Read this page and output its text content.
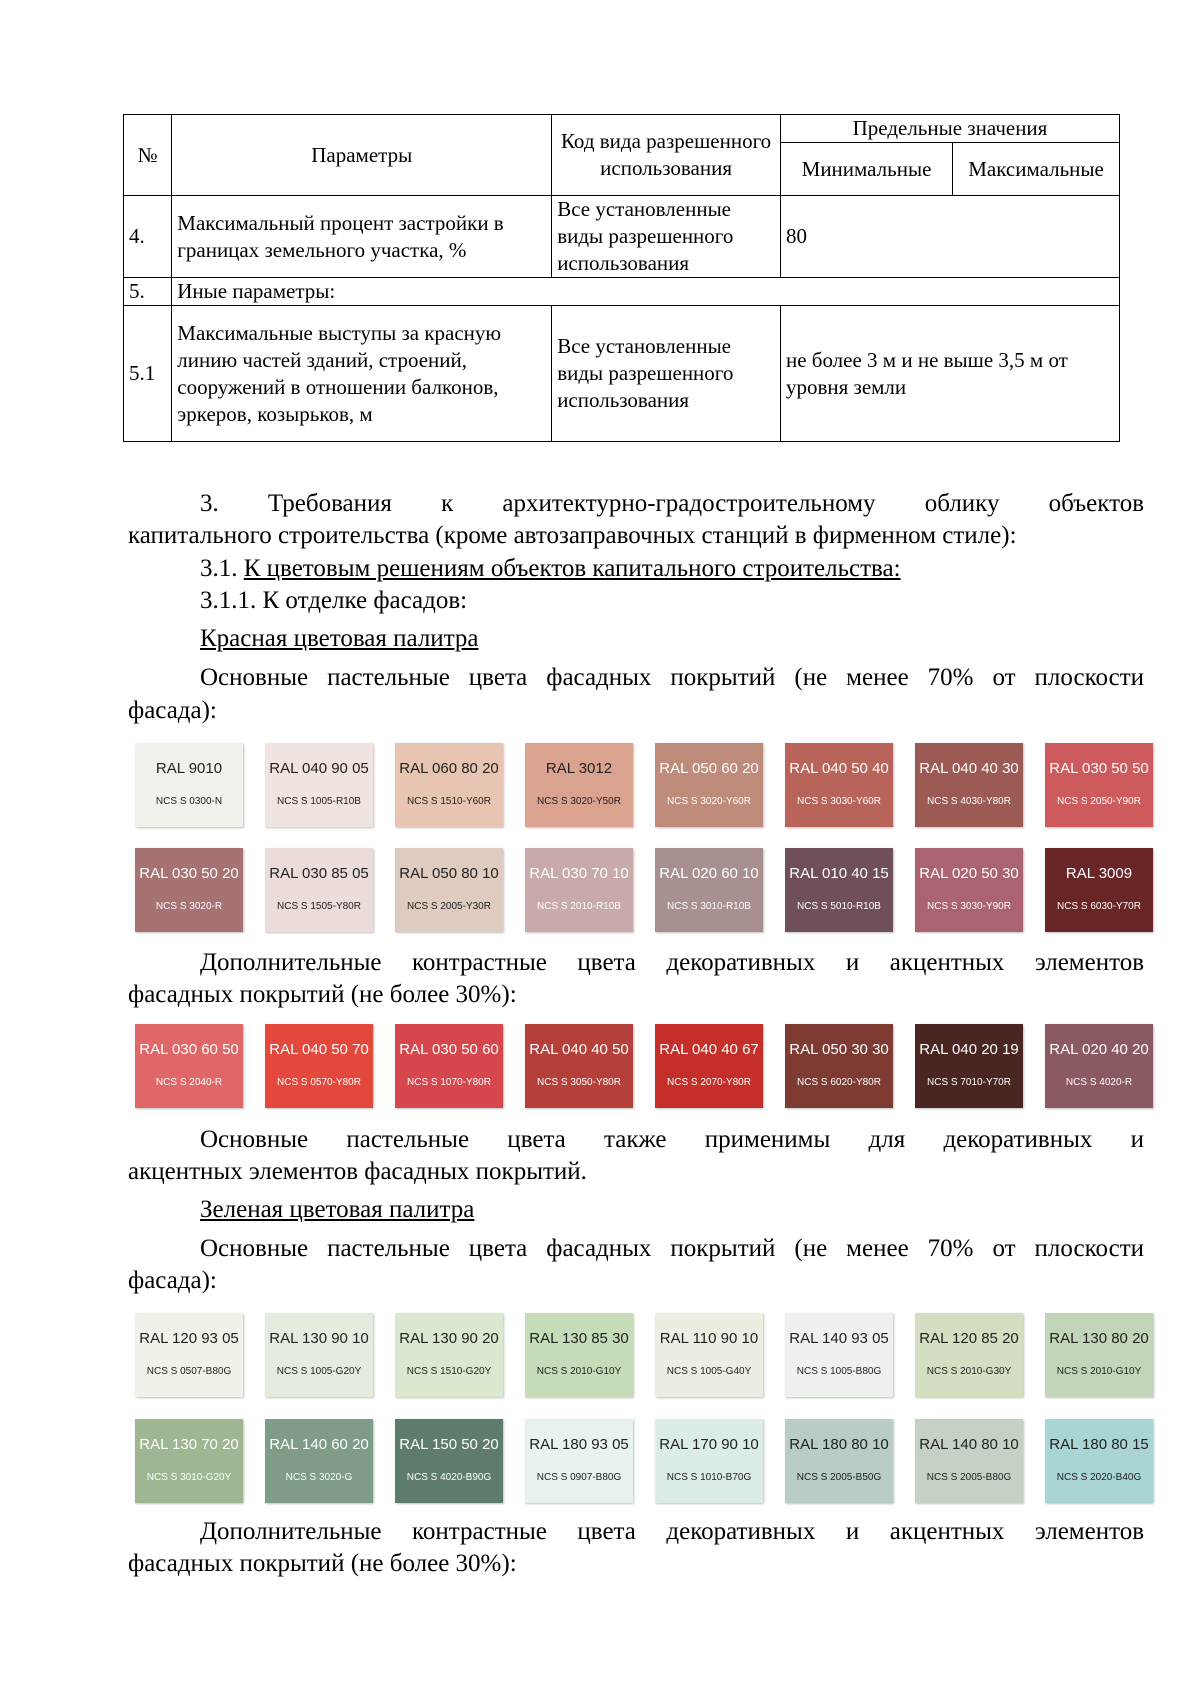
№	Параметры	Код вида разрешенного использования	Предельные значения	
			Минимальные	Максимальные
4.	Максимальный процент застройки в границах земельного участка, %	Все установленные виды разрешенного использования	80	
5.	Иные параметры:			
5.1	Максимальные выступы за красную линию частей зданий, строений, сооружений в отношении балконов, эркеров, козырьков, м	Все установленные виды разрешенного использования	не более 3 м и не выше 3,5 м от уровня земли	
3. Требования к архитектурно-градостроительному облику объектов
капитального строительства (кроме автозаправочных станций в фирменном стиле):
3.1. К цветовым решениям объектов капитального строительства:
3.1.1. К отделке фасадов:
Красная цветовая палитра
Основные пастельные цвета фасадных покрытий (не менее 70% от плоскости
фасада):
RAL 9010
NCS S 0300-N
RAL 040 90 05
NCS S 1005-R10B
RAL 060 80 20
NCS S 1510-Y60R
RAL 3012
NCS S 3020-Y50R
RAL 050 60 20
NCS S 3020-Y60R
RAL 040 50 40
NCS S 3030-Y60R
RAL 040 40 30
NCS S 4030-Y80R
RAL 030 50 50
NCS S 2050-Y90R
RAL 030 50 20
NCS S 3020-R
RAL 030 85 05
NCS S 1505-Y80R
RAL 050 80 10
NCS S 2005-Y30R
RAL 030 70 10
NCS S 2010-R10B
RAL 020 60 10
NCS S 3010-R10B
RAL 010 40 15
NCS S 5010-R10B
RAL 020 50 30
NCS S 3030-Y90R
RAL 3009
NCS S 6030-Y70R
Дополнительные контрастные цвета декоративных и акцентных элементов
фасадных покрытий (не более 30%):
RAL 030 60 50
NCS S 2040-R
RAL 040 50 70
NCS S 0570-Y80R
RAL 030 50 60
NCS S 1070-Y80R
RAL 040 40 50
NCS S 3050-Y80R
RAL 040 40 67
NCS S 2070-Y80R
RAL 050 30 30
NCS S 6020-Y80R
RAL 040 20 19
NCS S 7010-Y70R
RAL 020 40 20
NCS S 4020-R
Основные пастельные цвета также применимы для декоративных и
акцентных элементов фасадных покрытий.
Зеленая цветовая палитра
Основные пастельные цвета фасадных покрытий (не менее 70% от плоскости
фасада):
RAL 120 93 05
NCS S 0507-B80G
RAL 130 90 10
NCS S 1005-G20Y
RAL 130 90 20
NCS S 1510-G20Y
RAL 130 85 30
NCS S 2010-G10Y
RAL 110 90 10
NCS S 1005-G40Y
RAL 140 93 05
NCS S 1005-B80G
RAL 120 85 20
NCS S 2010-G30Y
RAL 130 80 20
NCS S 2010-G10Y
RAL 130 70 20
NCS S 3010-G20Y
RAL 140 60 20
NCS S 3020-G
RAL 150 50 20
NCS S 4020-B90G
RAL 180 93 05
NCS S 0907-B80G
RAL 170 90 10
NCS S 1010-B70G
RAL 180 80 10
NCS S 2005-B50G
RAL 140 80 10
NCS S 2005-B80G
RAL 180 80 15
NCS S 2020-B40G
Дополнительные контрастные цвета декоративных и акцентных элементов
фасадных покрытий (не более 30%):
